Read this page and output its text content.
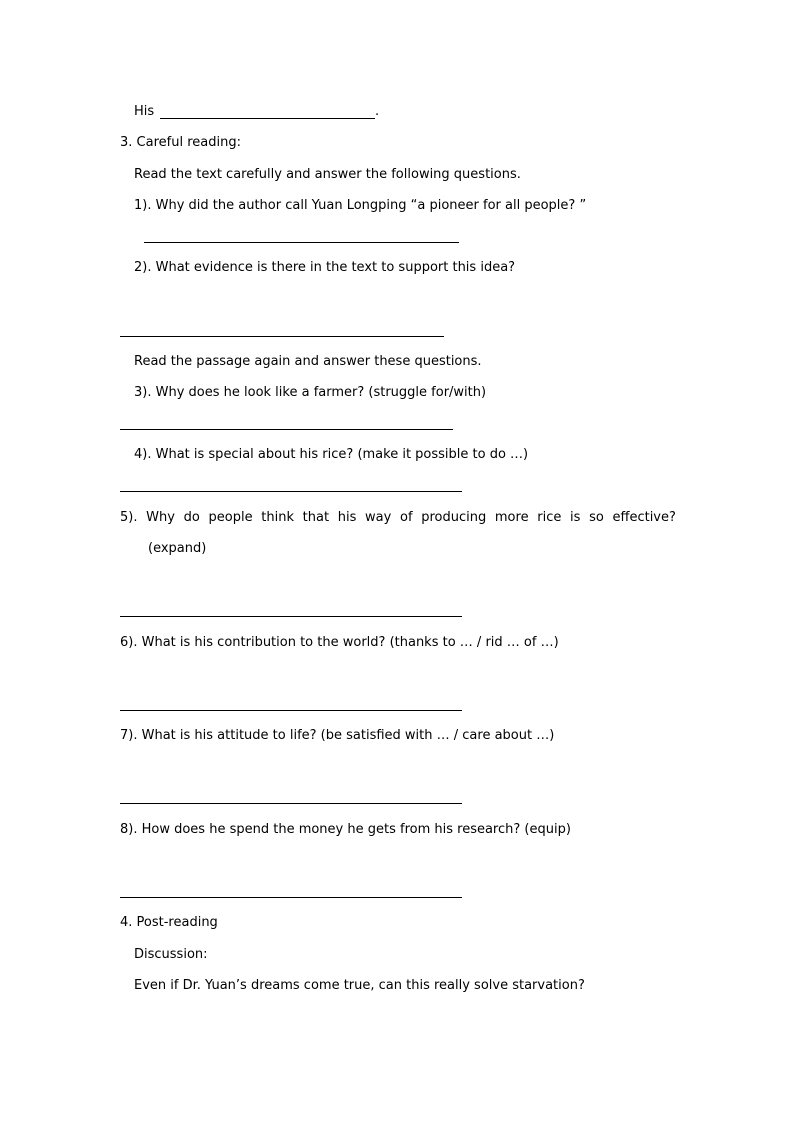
His	.
3. Careful reading:
Read the text carefully and answer the following questions.
1). Why did the author call Yuan Longping “a pioneer for all people? ”
2). What evidence is there in the text to support this idea?
Read the passage again and answer these questions.
3). Why does he look like a farmer? (struggle for/with)
4). What is special about his rice? (make it possible to do …)
5). Why do people think that his way of producing more rice is so effective?
(expand)
6). What is his contribution to the world? (thanks to … / rid … of …)
7). What is his attitude to life? (be satisfied with … / care about …)
8). How does he spend the money he gets from his research? (equip)
4. Post-reading
Discussion:
Even if Dr. Yuan’s dreams come true, can this really solve starvation?
